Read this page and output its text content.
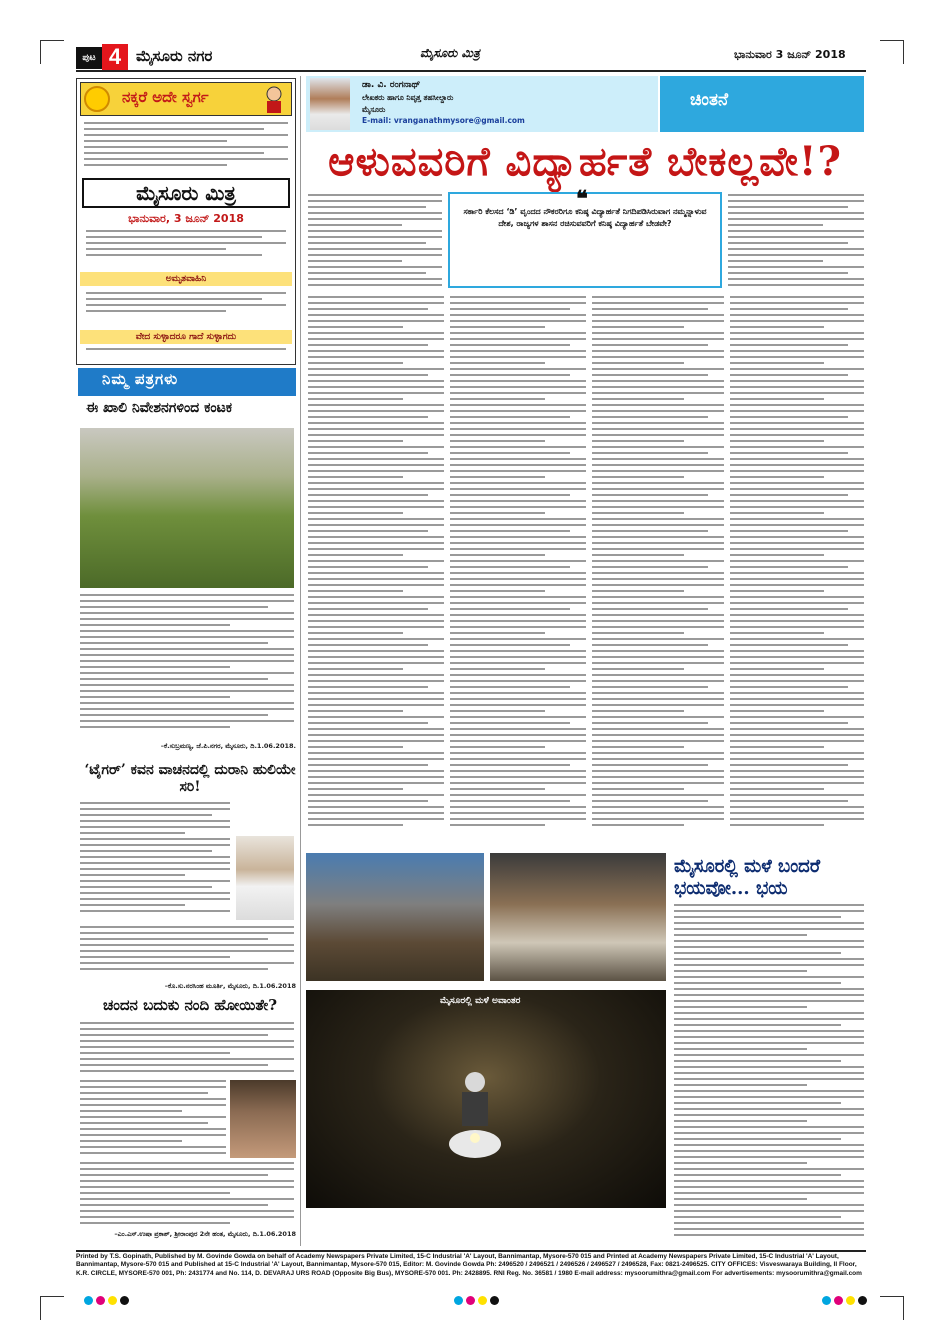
ಪುಟ 4 ಮೈಸೂರು ನಗರ	ಮೈಸೂರು ಮಿತ್ರ	ಭಾನುವಾರ 3 ಜೂನ್ 2018
ನಕ್ಕರೆ ಅದೇ ಸ್ವರ್ಗ
ಮೈಸೂರು ಮಿತ್ರ
ಭಾನುವಾರ, 3 ಜೂನ್ 2018
ಅಮೃತವಾಹಿನಿ
ವೇದ ಸುಳ್ಳಾದರೂ ಗಾದೆ ಸುಳ್ಳಾಗದು
ನಿಮ್ಮ ಪತ್ರಗಳು
ಈ ಖಾಲಿ ನಿವೇಶನಗಳಿಂದ ಕಂಟಕ
–ಕೆ.ಸುಬ್ರಮಣ್ಯ, ಜೆ.ಪಿ.ನಗರ, ಮೈಸೂರು, ದಿ.1.06.2018.
‘ಟೈಗರ್’ ಕವನ ವಾಚನದಲ್ಲಿ ದುರಾನಿ ಹುಲಿಯೇ ಸರಿ!
–ಕೊ.ಸು.ನರಸಿಂಹ ಮೂರ್ತಿ, ಮೈಸೂರು, ದಿ.1.06.2018
ಚಂದನ ಬದುಕು ನಂದಿ ಹೋಯಿತೇ?
–ಎಂ.ಎಸ್.ಉಷಾ ಪ್ರಕಾಶ್, ಶ್ರೀರಾಂಪುರ 2ನೇ ಹಂತ, ಮೈಸೂರು, ದಿ.1.06.2018
ಡಾ. ವಿ. ರಂಗನಾಥ್
ಲೇಖಕರು ಹಾಗೂ ನಿವೃತ್ತ ತಹಸೀಲ್ದಾರು
ಮೈಸೂರು
E-mail: vranganathmysore@gmail.com
ಚಿಂತನೆ
ಆಳುವವರಿಗೆ ವಿದ್ಯಾರ್ಹತೆ ಬೇಕಲ್ಲವೇ!?
❝
ಸರ್ಕಾರಿ ಕೆಲಸದ ‘ಡಿ’ ವೃಂದದ ನೌಕರರಿಗೂ ಕನಿಷ್ಠ ವಿದ್ಯಾರ್ಹತೆ ನಿಗದಿಪಡಿಸಿರುವಾಗ ನಮ್ಮನ್ನಾಳುವ ದೇಶ, ರಾಜ್ಯಗಳ ಶಾಸನ ರಚಿಸುವವರಿಗೆ ಕನಿಷ್ಠ ವಿದ್ಯಾರ್ಹತೆ ಬೇಡವೇ?
ಮೈಸೂರಲ್ಲಿ ಮಳೆ ಅವಾಂತರ
ಮೈಸೂರಲ್ಲಿ ಮಳೆ ಬಂದರೆ ಭಯವೋ... ಭಯ
Printed by T.S. Gopinath, Published by M. Govinde Gowda on behalf of Academy Newspapers Private Limited, 15-C Industrial 'A' Layout, Bannimantap, Mysore-570 015 and Printed at Academy Newspapers Private Limited, 15-C Industrial 'A' Layout, Bannimantap, Mysore-570 015 and Published at 15-C Industrial 'A' Layout, Bannimantap, Mysore-570 015, Editor: M. Govinde Gowda Ph: 2496520 / 2496521 / 2496526 / 2496527 / 2496528, Fax: 0821-2496525. CITY OFFICES: Visveswaraya Building, II Floor, K.R. CIRCLE, MYSORE-570 001, Ph: 2431774 and No. 114, D. DEVARAJ URS ROAD (Opposite Big Bus), MYSORE-570 001. Ph: 2428895. RNI Reg. No. 36581 / 1980 E-mail address: mysoorumithra@gmail.com For advertisements: mysoorumithra@gmail.com
